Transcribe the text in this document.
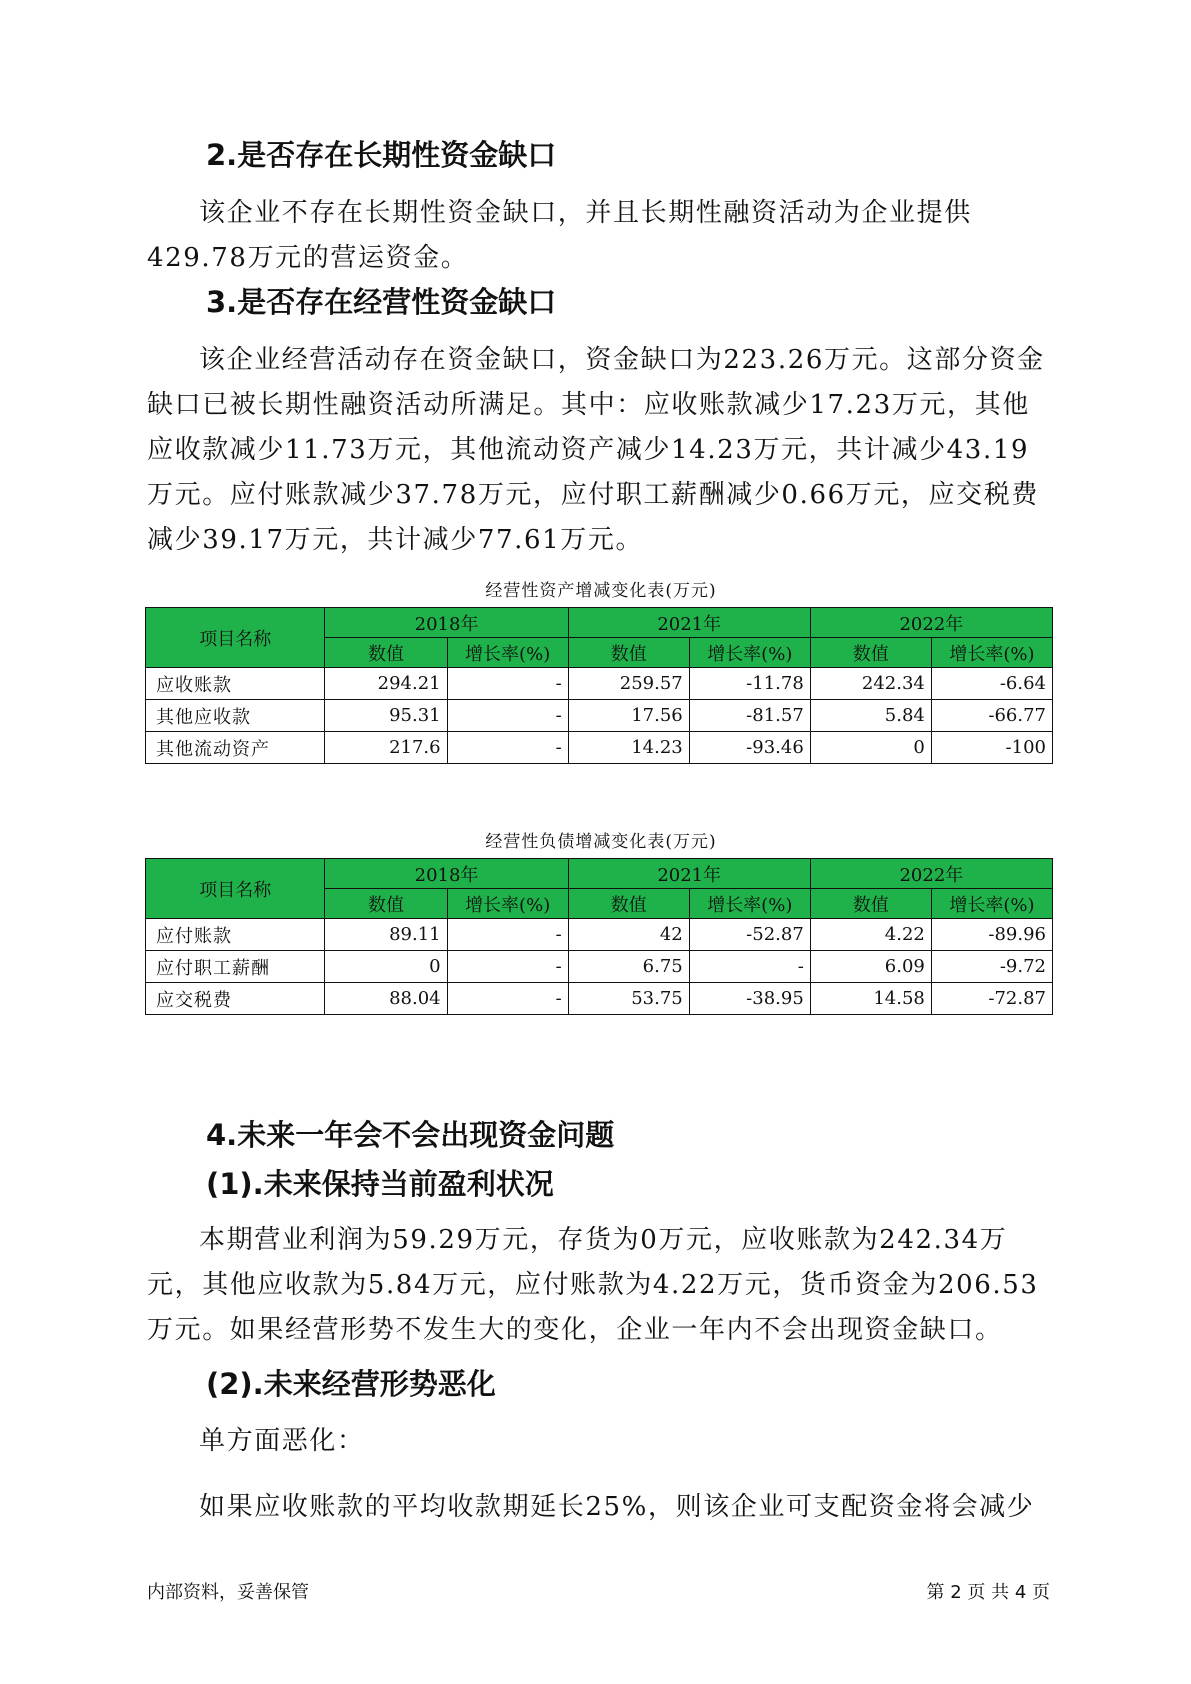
2.是否存在长期性资金缺口

该企业不存在长期性资金缺口，并且长期性融资活动为企业提供429.78万元的营运资金。

3.是否存在经营性资金缺口

该企业经营活动存在资金缺口，资金缺口为223.26万元。这部分资金缺口已被长期性融资活动所满足。其中：应收账款减少17.23万元，其他应收款减少11.73万元，其他流动资产减少14.23万元，共计减少43.19万元。应付账款减少37.78万元，应付职工薪酬减少0.66万元，应交税费减少39.17万元，共计减少77.61万元。

经营性资产增减变化表(万元)
项目名称	2018年		2021年		2022年	
	数值	增长率(%)	数值	增长率(%)	数值	增长率(%)
应收账款	294.21	-	259.57	-11.78	242.34	-6.64
其他应收款	95.31	-	17.56	-81.57	5.84	-66.77
其他流动资产	217.6	-	14.23	-93.46	0	-100
经营性负债增减变化表(万元)
项目名称	2018年		2021年		2022年	
	数值	增长率(%)	数值	增长率(%)	数值	增长率(%)
应付账款	89.11	-	42	-52.87	4.22	-89.96
应付职工薪酬	0	-	6.75	-	6.09	-9.72
应交税费	88.04	-	53.75	-38.95	14.58	-72.87
4.未来一年会不会出现资金问题
(1).未来保持当前盈利状况

本期营业利润为59.29万元，存货为0万元，应收账款为242.34万元，其他应收款为5.84万元，应付账款为4.22万元，货币资金为206.53万元。如果经营形势不发生大的变化，企业一年内不会出现资金缺口。

(2).未来经营形势恶化

单方面恶化：

如果应收账款的平均收款期延长25%，则该企业可支配资金将会减少

内部资料，妥善保管	第 2 页 共 4 页
